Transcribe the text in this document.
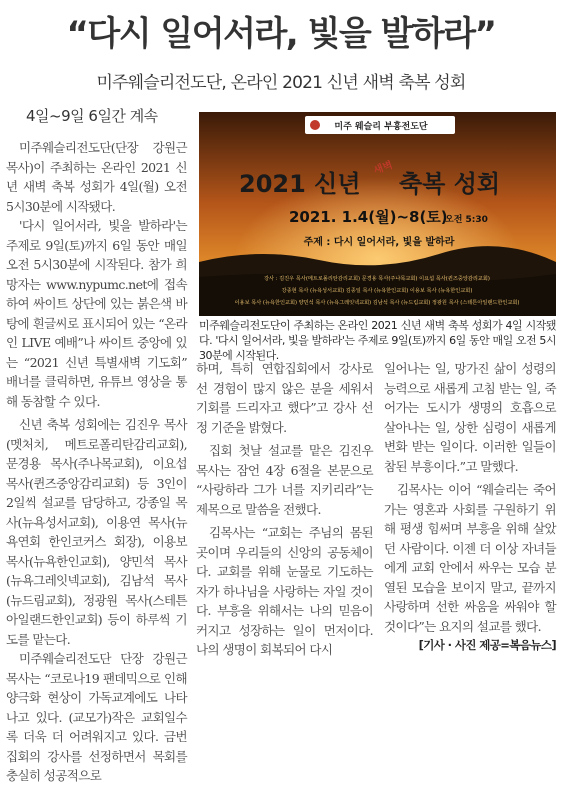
“다시 일어서라, 빛을 발하라”
미주웨슬리전도단, 온라인 2021 신년 새벽 축복 성회
4일~9일 6일간 계속

미주웨슬리전도단(단장 강원근 목사)이 주최하는 온라인 2021 신년 새벽 축복 성회가 4일(월) 오전 5시30분에 시작됐다.

'다시 일어서라, 빛을 발하라'는 주제로 9일(토)까지 6일 동안 매일 오전 5시30분에 시작된다. 참가 희망자는 www.nypumc.net에 접속하여 싸이트 상단에 있는 붉은색 바탕에 흰글씨로 표시되어 있는 “온라인 LIVE 예배”나 싸이트 중앙에 있는 “2021 신년 특별새벽 기도회” 배너를 클릭하면, 유튜브 영상을 통해 동참할 수 있다.

신년 축복 성회에는 김진우 목사(멧처치, 메트로폴리탄감리교회), 문경용 목사(주나목교회), 이요섭 목사(퀸즈중앙감리교회) 등 3인이 2일씩 설교를 담당하고, 강종일 목사(뉴욕성서교회), 이용연 목사(뉴욕연회 한인코커스 회장), 이용보 목사(뉴욕한인교회), 양민석 목사(뉴욕그레잇넥교회), 김남석 목사(뉴드림교회), 정광원 목사(스테튼 아일랜드한인교회) 등이 하루씩 기도를 맡는다.

미주웨슬리전도단 단장 강원근 목사는 “코로나19 팬데믹으로 인해 양극화 현상이 가독교계에도 나타나고 있다. (교모가)작은 교회일수록 더욱 더 어려워지고 있다. 금번 집회의 강사를 선정하면서 목회를 충실히 성공적으로

미주 웨슬리 부흥전도단
2021 신년
새벽
축복 성회
2021. 1.4(월)~8(토)
오전 5:30
주제 : 다시 일어서라, 빛을 발하라
강사 : 김진우 목사(메트로폴리탄감리교회) 문경용 목사(주나목교회) 이요섭 목사(퀸즈중앙감리교회)
강종현 목사 (뉴욕성서교회) 김종일 목사 (뉴욕한인교회) 이용보 목사 (뉴욕한인교회)
이용보 목사 (뉴욕한인교회) 양민석 목사 (뉴욕그레잇넥교회) 김남석 목사 (뉴드림교회) 정광원 목사 (스테튼아일랜드한인교회)
미주웨슬리전도단이 주최하는 온라인 2021 신년 새벽 축복 성회가 4일 시작됐다. '다시 일어서라, 빛을 발하라'는 주제로 9일(토)까지 6일 동안 매일 오전 5시30분에 시작된다.

하며, 특히 연합집회에서 강사로 선 경험이 많지 않은 분을 세워서 기회를 드리자고 했다”고 강사 선정 기준을 밝혔다.

집회 첫날 설교를 맡은 김진우 목사는 잠언 4장 6절을 본문으로 “사랑하라 그가 너를 지키리라”는 제목으로 말씀을 전했다.

김목사는 “교회는 주님의 몸된 곳이며 우리들의 신앙의 공동체이다. 교회를 위해 눈물로 기도하는 자가 하나님을 사랑하는 자일 것이다. 부흥을 위해서는 나의 믿음이 커지고 성장하는 일이 먼저이다. 나의 생명이 회복되어 다시

일어나는 일, 망가진 삶이 성령의 능력으로 새롭게 고침 받는 일, 죽어가는 도시가 생명의 호흡으로 살아나는 일, 상한 심령이 새롭게 변화 받는 일이다. 이러한 일들이 참된 부흥이다.”고 말했다.

김목사는 이어 “웨슬리는 죽어가는 영혼과 사회를 구원하기 위해 평생 힘써며 부흥을 위해 살았던 사람이다. 이젠 더 이상 자녀들에게 교회 안에서 싸우는 모습 분열된 모습을 보이지 말고, 끝까지 사랑하며 선한 싸움을 싸워야 할 것이다”는 요지의 설교를 했다.

[기사 · 사진 제공=복음뉴스]
